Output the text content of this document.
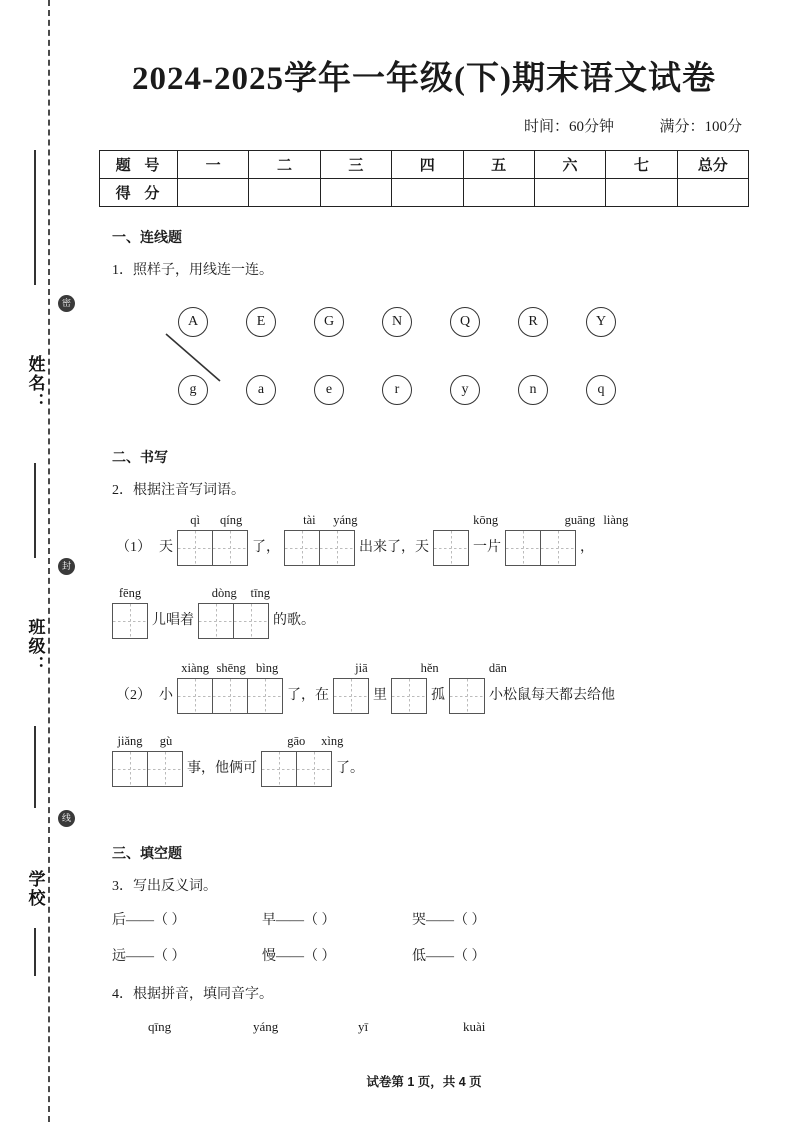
密
姓名：
封
班级：
线
学校
2024-2025学年一年级(下)期末语文试卷
时间：60分钟	满分：100分
题 号	一	二	三	四	五	六	七	总分
得 分								
一、连线题
1．照样子，用线连一连。
A	E	G	N	Q	R	Y
g	a	e	r	y	n	q
二、书写
2．根据注音写词语。
qì qíng	tài yáng	kōng	guāng liàng
（1） 天	了，	出来了，天	一片	，
fēng	dòng tīng
儿唱着	的歌。
xiàng shēng bìng	jiā	hěn	dān
（2） 小	了，在	里	孤	小松鼠每天都去给他
jiǎng gù	gāo xìng
事，他俩可	了。
三、填空题
3．写出反义词。
后——（ ）	早——（ ）	哭——（ ）
远——（ ）	慢——（ ）	低——（ ）
4．根据拼音，填同音字。
qīng	yáng	yī	kuài
试卷第 1 页，共 4 页
